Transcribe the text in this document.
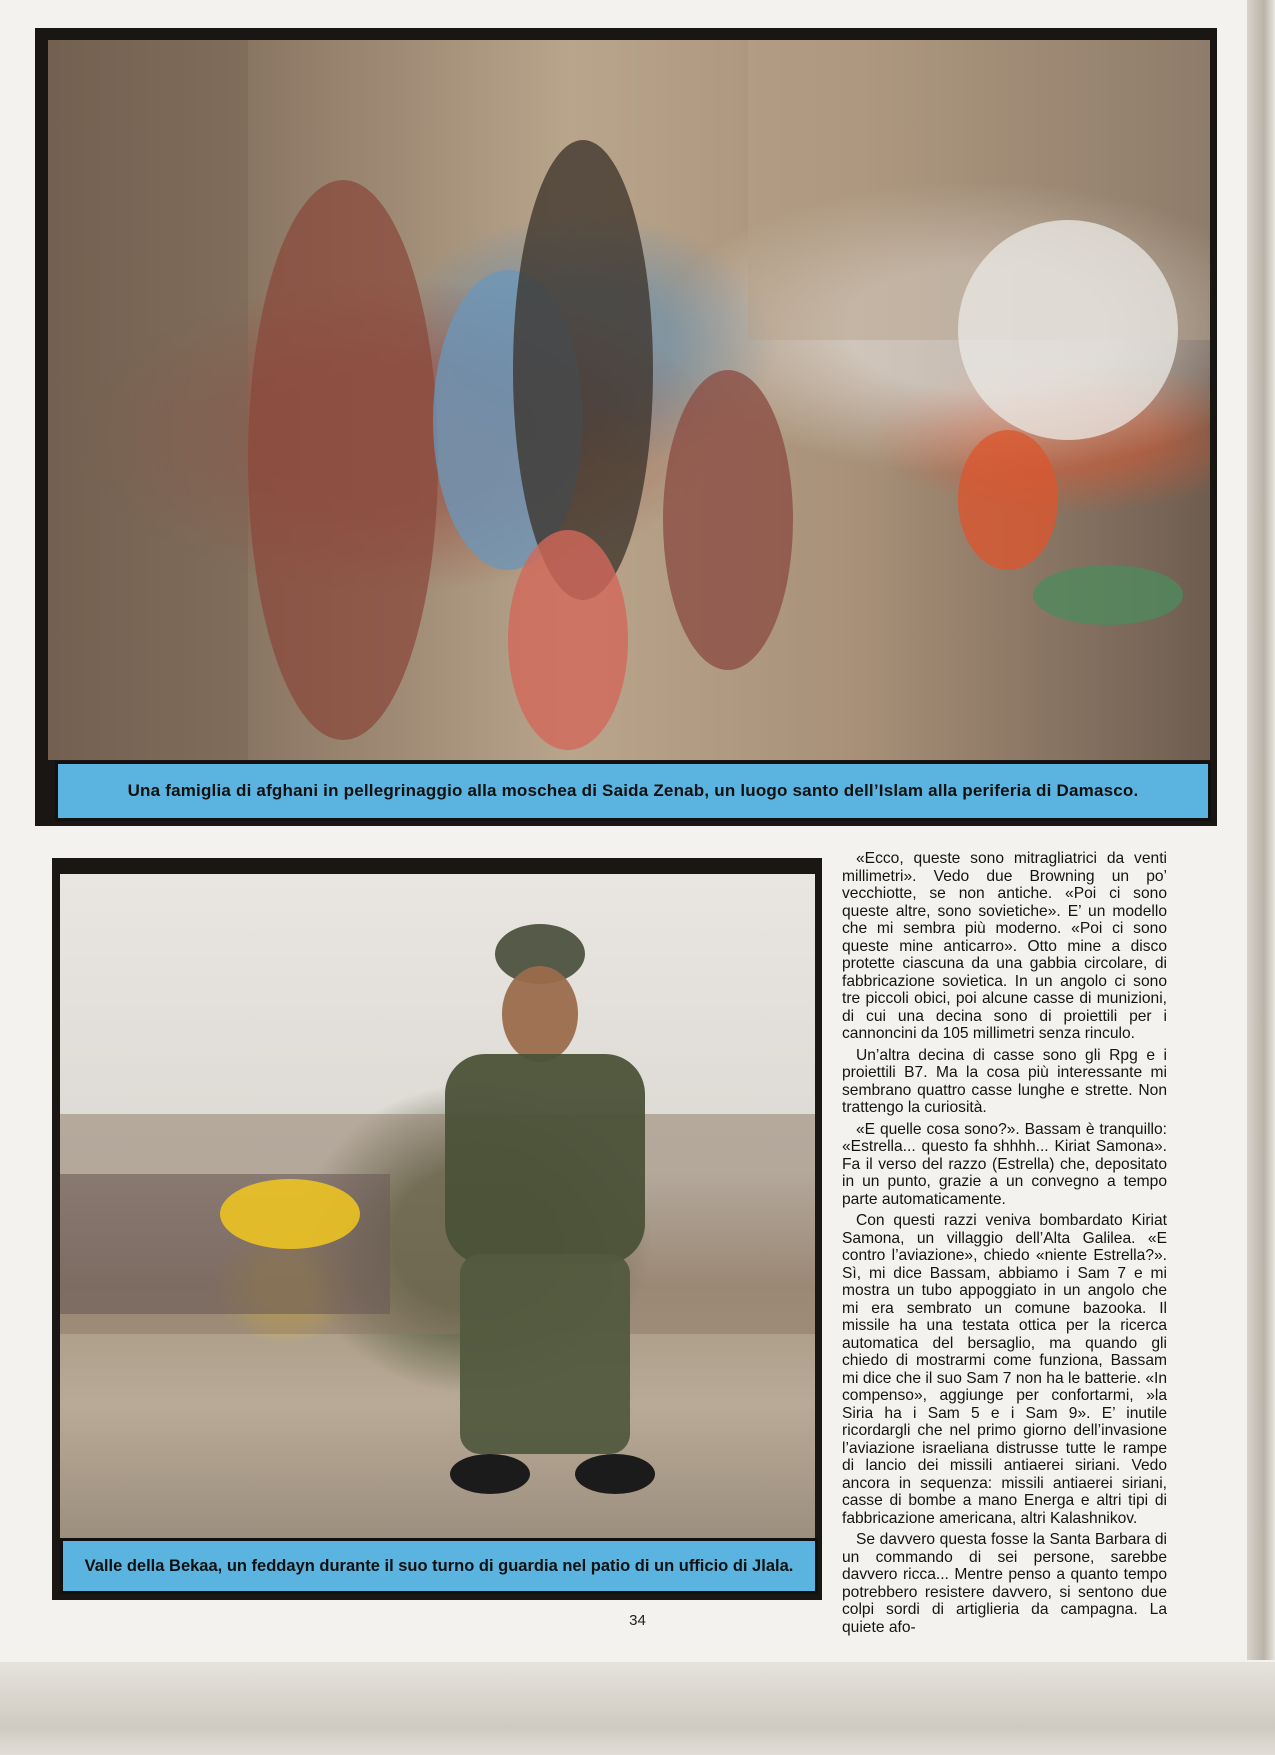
Una famiglia di afghani in pellegrinaggio alla moschea di Saida Zenab, un luogo santo dell’Islam alla periferia di Damasco.
Valle della Bekaa, un feddayn durante il suo turno di guardia nel patio di un ufficio di Jlala.

«Ecco, queste sono mitragliatrici da venti millimetri». Vedo due Browning un po’ vecchiotte, se non antiche. «Poi ci sono queste altre, sono sovietiche». E’ un modello che mi sembra più moderno. «Poi ci sono queste mine anticarro». Otto mine a disco protette ciascuna da una gabbia circolare, di fabbricazione sovietica. In un angolo ci sono tre piccoli obici, poi alcune casse di munizioni, di cui una decina sono di proiettili per i cannoncini da 105 millimetri senza rinculo.

Un’altra decina di casse sono gli Rpg e i proiettili B7. Ma la cosa più interessante mi sembrano quattro casse lunghe e strette. Non trattengo la curiosità.

«E quelle cosa sono?». Bassam è tranquillo: «Estrella... questo fa shhhh... Kiriat Samona». Fa il verso del razzo (Estrella) che, depositato in un punto, grazie a un convegno a tempo parte automaticamente.

Con questi razzi veniva bombardato Kiriat Samona, un villaggio dell’Alta Galilea. «E contro l’aviazione», chiedo «niente Estrella?». Sì, mi dice Bassam, abbiamo i Sam 7 e mi mostra un tubo appoggiato in un angolo che mi era sembrato un comune bazooka. Il missile ha una testata ottica per la ricerca automatica del bersaglio, ma quando gli chiedo di mostrarmi come funziona, Bassam mi dice che il suo Sam 7 non ha le batterie. «In compenso», aggiunge per confortarmi, »la Siria ha i Sam 5 e i Sam 9». E’ inutile ricordargli che nel primo giorno dell’invasione l’aviazione israeliana distrusse tutte le rampe di lancio dei missili antiaerei siriani. Vedo ancora in sequenza: missili antiaerei siriani, casse di bombe a mano Energa e altri tipi di fabbricazione americana, altri Kalashnikov.

Se davvero questa fosse la Santa Barbara di un commando di sei persone, sarebbe davvero ricca... Mentre penso a quanto tempo potrebbero resistere davvero, si sentono due colpi sordi di artiglieria da campagna. La quiete afo-

34
